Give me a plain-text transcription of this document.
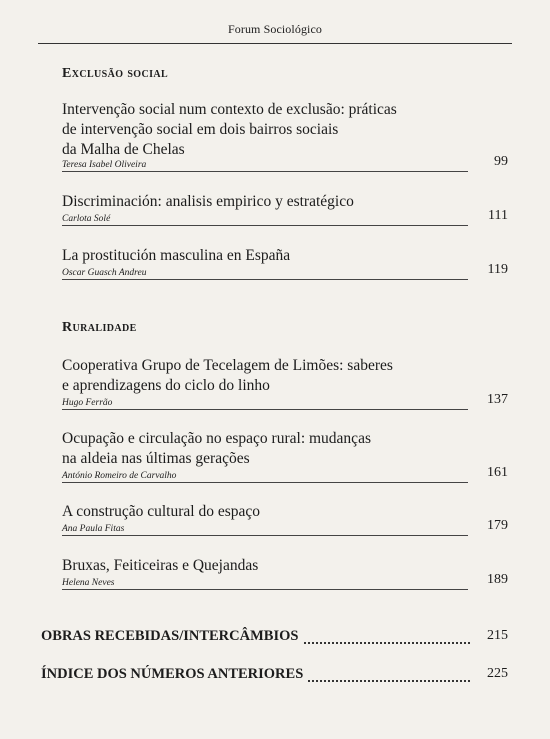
Forum Sociológico
Exclusão social
Intervenção social num contexto de exclusão: práticas
de intervenção social em dois bairros sociais
da Malha de Chelas
Teresa Isabel Oliveira	99
Discriminación: analisis empirico y estratégico
Carlota Solé	111
La prostitución masculina en España
Oscar Guasch Andreu	119
Ruralidade
Cooperativa Grupo de Tecelagem de Limões: saberes
e aprendizagens do ciclo do linho
Hugo Ferrão	137
Ocupação e circulação no espaço rural: mudanças
na aldeia nas últimas gerações
António Romeiro de Carvalho	161
A construção cultural do espaço
Ana Paula Fitas	179
Bruxas, Feiticeiras e Quejandas
Helena Neves	189
OBRAS RECEBIDAS/INTERCÂMBIOS	215
ÍNDICE DOS NÚMEROS ANTERIORES	225
